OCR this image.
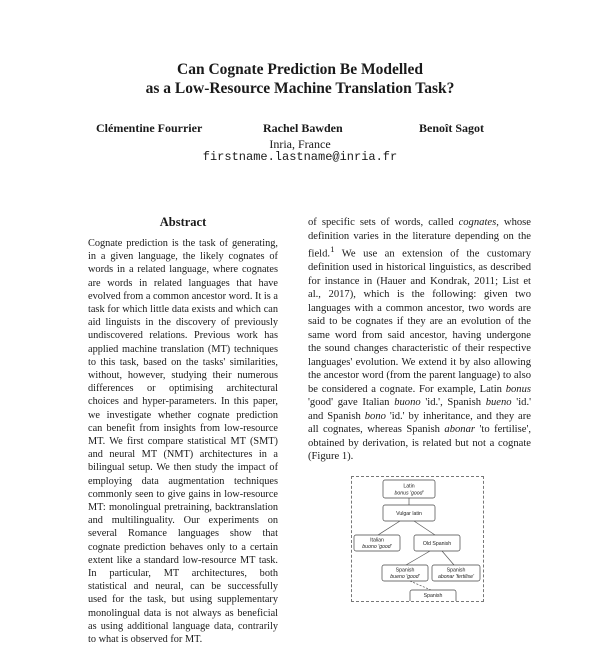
Can Cognate Prediction Be Modelled
as a Low-Resource Machine Translation Task?
Clémentine Fourrier	Rachel Bawden	Benoît Sagot
Inria, France
firstname.lastname@inria.fr
Abstract

Cognate prediction is the task of generating, in a given language, the likely cognates of words in a related language, where cognates are words in related languages that have evolved from a common ancestor word. It is a task for which little data exists and which can aid linguists in the discovery of previously undiscovered relations. Previous work has applied machine translation (MT) techniques to this task, based on the tasks' similarities, without, however, studying their numerous differences or optimising architectural choices and hyper-parameters. In this paper, we investigate whether cognate prediction can benefit from insights from low-resource MT. We first compare statistical MT (SMT) and neural MT (NMT) architectures in a bilingual setup. We then study the impact of employing data augmentation techniques commonly seen to give gains in low-resource MT: monolingual pretraining, backtranslation and multilinguality. Our experiments on several Romance languages show that cognate prediction behaves only to a certain extent like a standard low-resource MT task. In particular, MT architectures, both statistical and neural, can be successfully used for the task, but using supplementary monolingual data is not always as beneficial as using additional language data, contrarily to what is observed for MT.

of specific sets of words, called cognates, whose definition varies in the literature depending on the field.$^1$ We use an extension of the customary definition used in historical linguistics, as described for instance in (Hauer and Kondrak, 2011; List et al., 2017), which is the following: given two languages with a common ancestor, two words are said to be cognates if they are an evolution of the same word from said ancestor, having undergone the sound changes characteristic of their respective languages' evolution. We extend it by also allowing the ancestor word (from the parent language) to also be considered a cognate. For example, Latin bonus 'good' gave Italian buono 'id.', Spanish bueno 'id.' and Spanish bono 'id.' by inheritance, and they are all cognates, whereas Spanish abonar 'to fertilise', obtained by derivation, is related but not a cognate (Figure 1).

Latin
bonus 'good'
Vulgar latin
Italian
buono 'good'	Old Spanish
Spanish
bueno 'good'
Spanish
abonar 'fertilise'
Spanish
